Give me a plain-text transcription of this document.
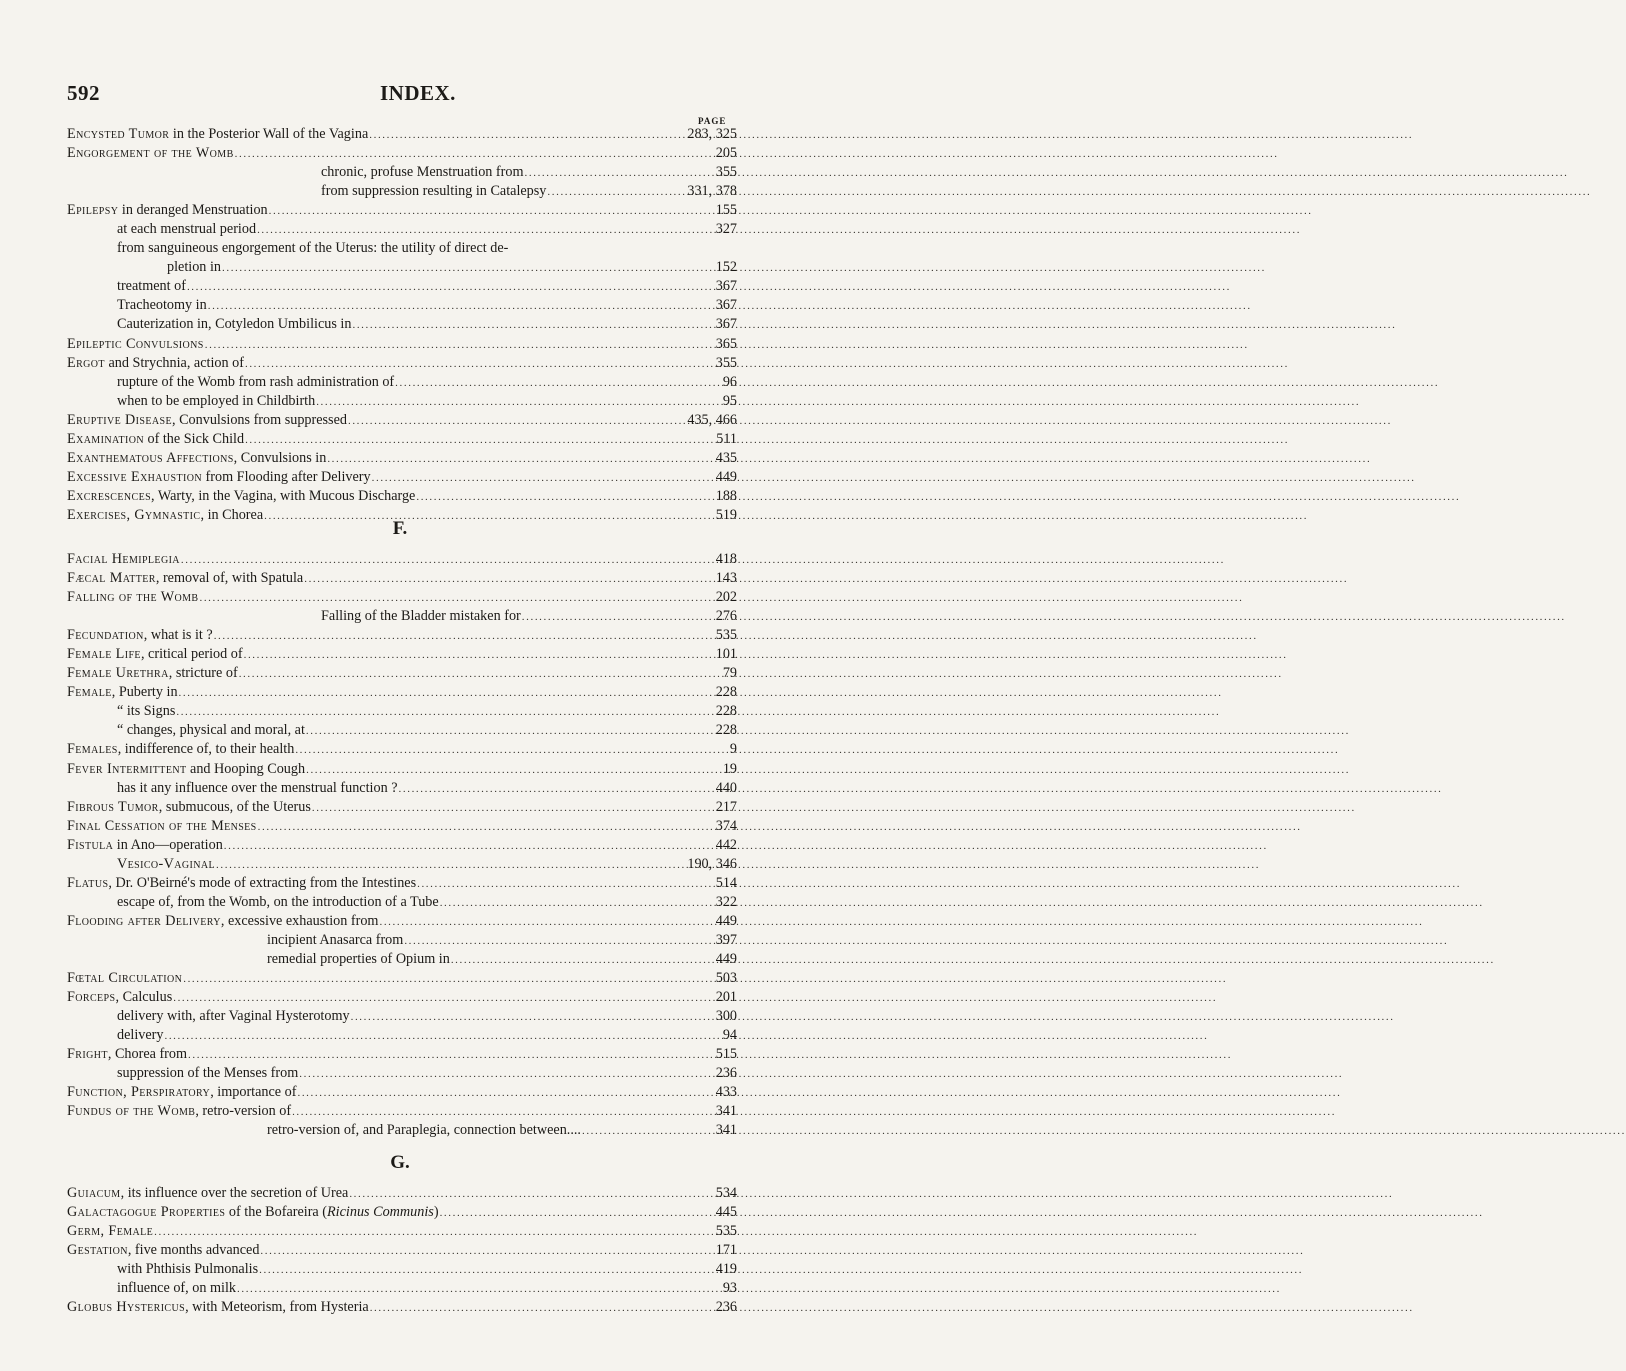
592	INDEX.
PAGE
Encysted Tumor in the Posterior Wall of the Vagina .....	283, 325
Engorgement of the Womb .....	205
chronic, profuse Menstruation from .....	355
from suppression resulting in Catalepsy .....	331, 378
Epilepsy in deranged Menstruation .....	155
at each menstrual period .....	327
from sanguineous engorgement of the Uterus: the utility of direct de-
pletion in .....	152
treatment of .....	367
Tracheotomy in .....	367
Cauterization in, Cotyledon Umbilicus in .....	367
Epileptic Convulsions .....	365
Ergot and Strychnia, action of .....	355
rupture of the Womb from rash administration of .....	96
when to be employed in Childbirth .....	95
Eruptive Disease, Convulsions from suppressed .....	435, 466
Examination of the Sick Child .....	511
Exanthematous Affections, Convulsions in .....	435
Excessive Exhaustion from Flooding after Delivery .....	449
Excrescences, Warty, in the Vagina, with Mucous Discharge .....	188
Exercises, Gymnastic, in Chorea .....	519
F.
Facial Hemiplegia .....	418
Fæcal Matter, removal of, with Spatula .....	143
Falling of the Womb .....	202
Falling of the Bladder mistaken for .....	276
Fecundation, what is it ? .....	535
Female Life, critical period of .....	101
Female Urethra, stricture of .....	79
Female, Puberty in .....	228
“ its Signs .....	228
“ changes, physical and moral, at .....	228
Females, indifference of, to their health .....	9
Fever Intermittent and Hooping Cough .....	19
has it any influence over the menstrual function ? .....	440
Fibrous Tumor, submucous, of the Uterus .....	217
Final Cessation of the Menses .....	374
Fistula in Ano—operation .....	442
Vesico-Vaginal .....	190, 346
Flatus, Dr. O'Beirné's mode of extracting from the Intestines .....	514
escape of, from the Womb, on the introduction of a Tube .....	322
Flooding after Delivery, excessive exhaustion from .....	449
incipient Anasarca from .....	397
remedial properties of Opium in .....	449
Fœtal Circulation .....	503
Forceps, Calculus .....	201
delivery with, after Vaginal Hysterotomy .....	300
delivery .....	94
Fright, Chorea from .....	515
suppression of the Menses from .....	236
Function, Perspiratory, importance of .....	433
Fundus of the Womb, retro-version of .....	341
retro-version of, and Paraplegia, connection between.... .....	341
G.
Guiacum, its influence over the secretion of Urea .....	534
Galactagogue Properties of the Bofareira (Ricinus Communis) .....	445
Germ, Female .....	535
Gestation, five months advanced .....	171
with Phthisis Pulmonalis .....	419
influence of, on milk .....	93
Globus Hystericus, with Meteorism, from Hysteria .....	236
